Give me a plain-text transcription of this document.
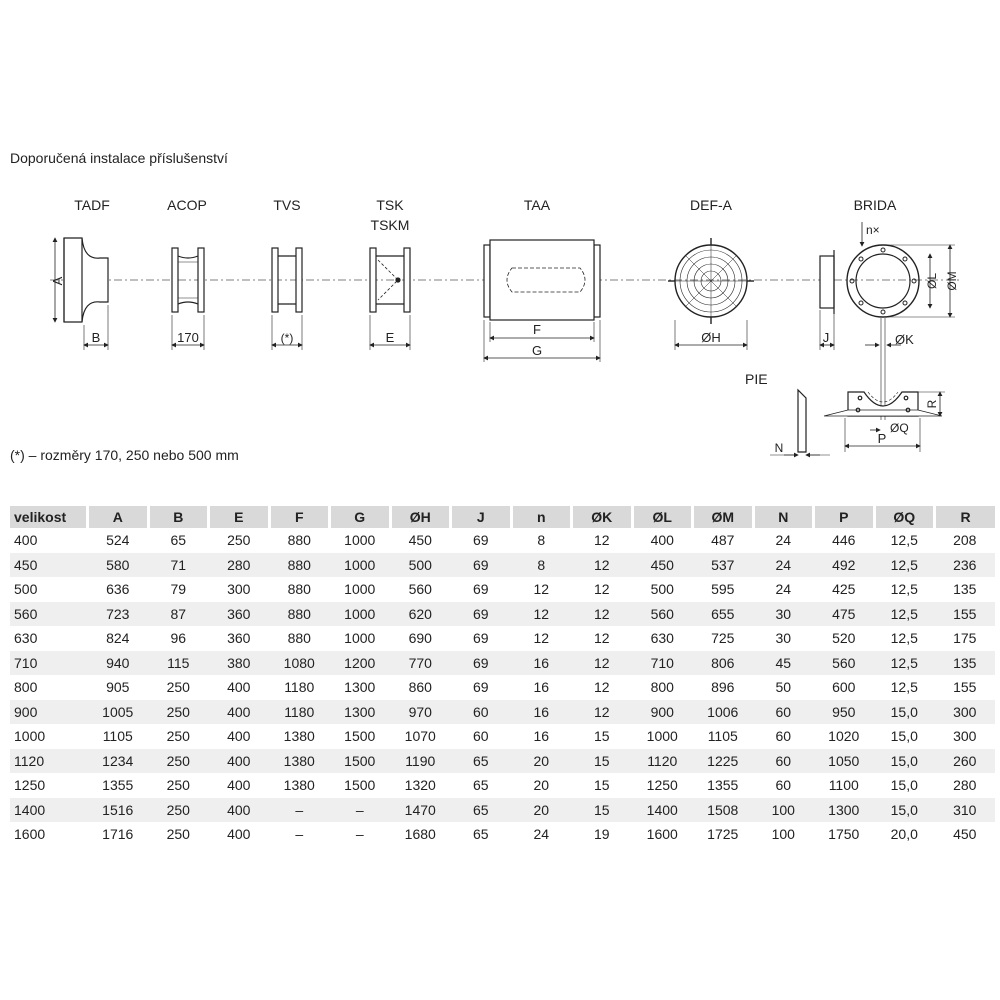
Doporučená instalace příslušenství
TADF	ACOP	TVS	TSK
TSKM
TAA	DEF-A	BRIDA
PIE
A
B	170	(*)	E
F
G
ØH	J
n×
ØL ØM
ØK
N
R
ØQ
P
(*) – rozměry 170, 250 nebo 500 mm
velikost	A	B	E	F	G	ØH	J	n	ØK	ØL	ØM	N	P	ØQ	R
400	524	65	250	880	1000	450	69	8	12	400	487	24	446	12,5	208
450	580	71	280	880	1000	500	69	8	12	450	537	24	492	12,5	236
500	636	79	300	880	1000	560	69	12	12	500	595	24	425	12,5	135
560	723	87	360	880	1000	620	69	12	12	560	655	30	475	12,5	155
630	824	96	360	880	1000	690	69	12	12	630	725	30	520	12,5	175
710	940	115	380	1080	1200	770	69	16	12	710	806	45	560	12,5	135
800	905	250	400	1180	1300	860	69	16	12	800	896	50	600	12,5	155
900	1005	250	400	1180	1300	970	60	16	12	900	1006	60	950	15,0	300
1000	1105	250	400	1380	1500	1070	60	16	15	1000	1105	60	1020	15,0	300
1120	1234	250	400	1380	1500	1190	65	20	15	1120	1225	60	1050	15,0	260
1250	1355	250	400	1380	1500	1320	65	20	15	1250	1355	60	1100	15,0	280
1400	1516	250	400	–	–	1470	65	20	15	1400	1508	100	1300	15,0	310
1600	1716	250	400	–	–	1680	65	24	19	1600	1725	100	1750	20,0	450
